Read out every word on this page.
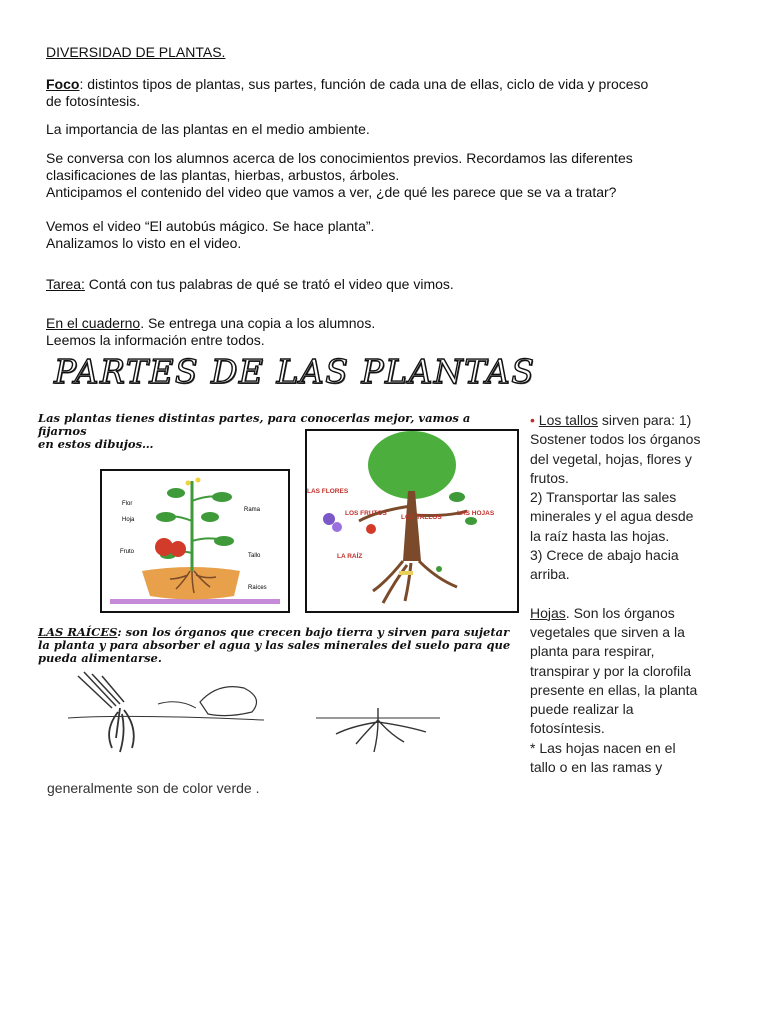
DIVERSIDAD DE PLANTAS.

Foco: distintos tipos de plantas, sus partes, función de cada una de ellas, ciclo de vida y proceso
de fotosíntesis.

La importancia de las plantas en el medio ambiente.

Se conversa con los alumnos acerca de los conocimientos previos. Recordamos las diferentes
clasificaciones de las plantas, hierbas, arbustos, árboles.
Anticipamos el contenido del video que vamos a ver, ¿de qué les parece que se va a tratar?

Vemos el video “El autobús mágico. Se hace planta”.
Analizamos lo visto en el video.

Tarea: Contá con tus palabras de qué se trató el video que vimos.

En el cuaderno. Se entrega una copia a los alumnos.
Leemos la información entre todos.

PARTES DE LAS PLANTAS

Las plantas tienes distintas partes, para conocerlas mejor, vamos a fijarnos
en estos dibujos…

Flor
Hoja
Rama
Fruto
Tallo
Raíces
LAS FLORES
LOS FRUTOS
LOS TALLOS
LAS HOJAS
LA RAÍZ

LAS RAÍCES: son los órganos que crecen bajo tierra y sirven para sujetar
la planta y para absorber el agua y las sales minerales del suelo para que
pueda alimentarse.

generalmente son de color verde .

• Los tallos sirven para: 1)
Sostener todos los órganos
del vegetal, hojas, flores y
frutos.
2) Transportar las sales
minerales y el agua desde
la raíz hasta las hojas.
3) Crece de abajo hacia
arriba.

Hojas. Son los órganos
vegetales que sirven a la
planta para respirar,
transpirar y por la clorofila
presente en ellas, la planta
puede realizar la
fotosíntesis.
* Las hojas nacen en el
tallo o en las ramas y
